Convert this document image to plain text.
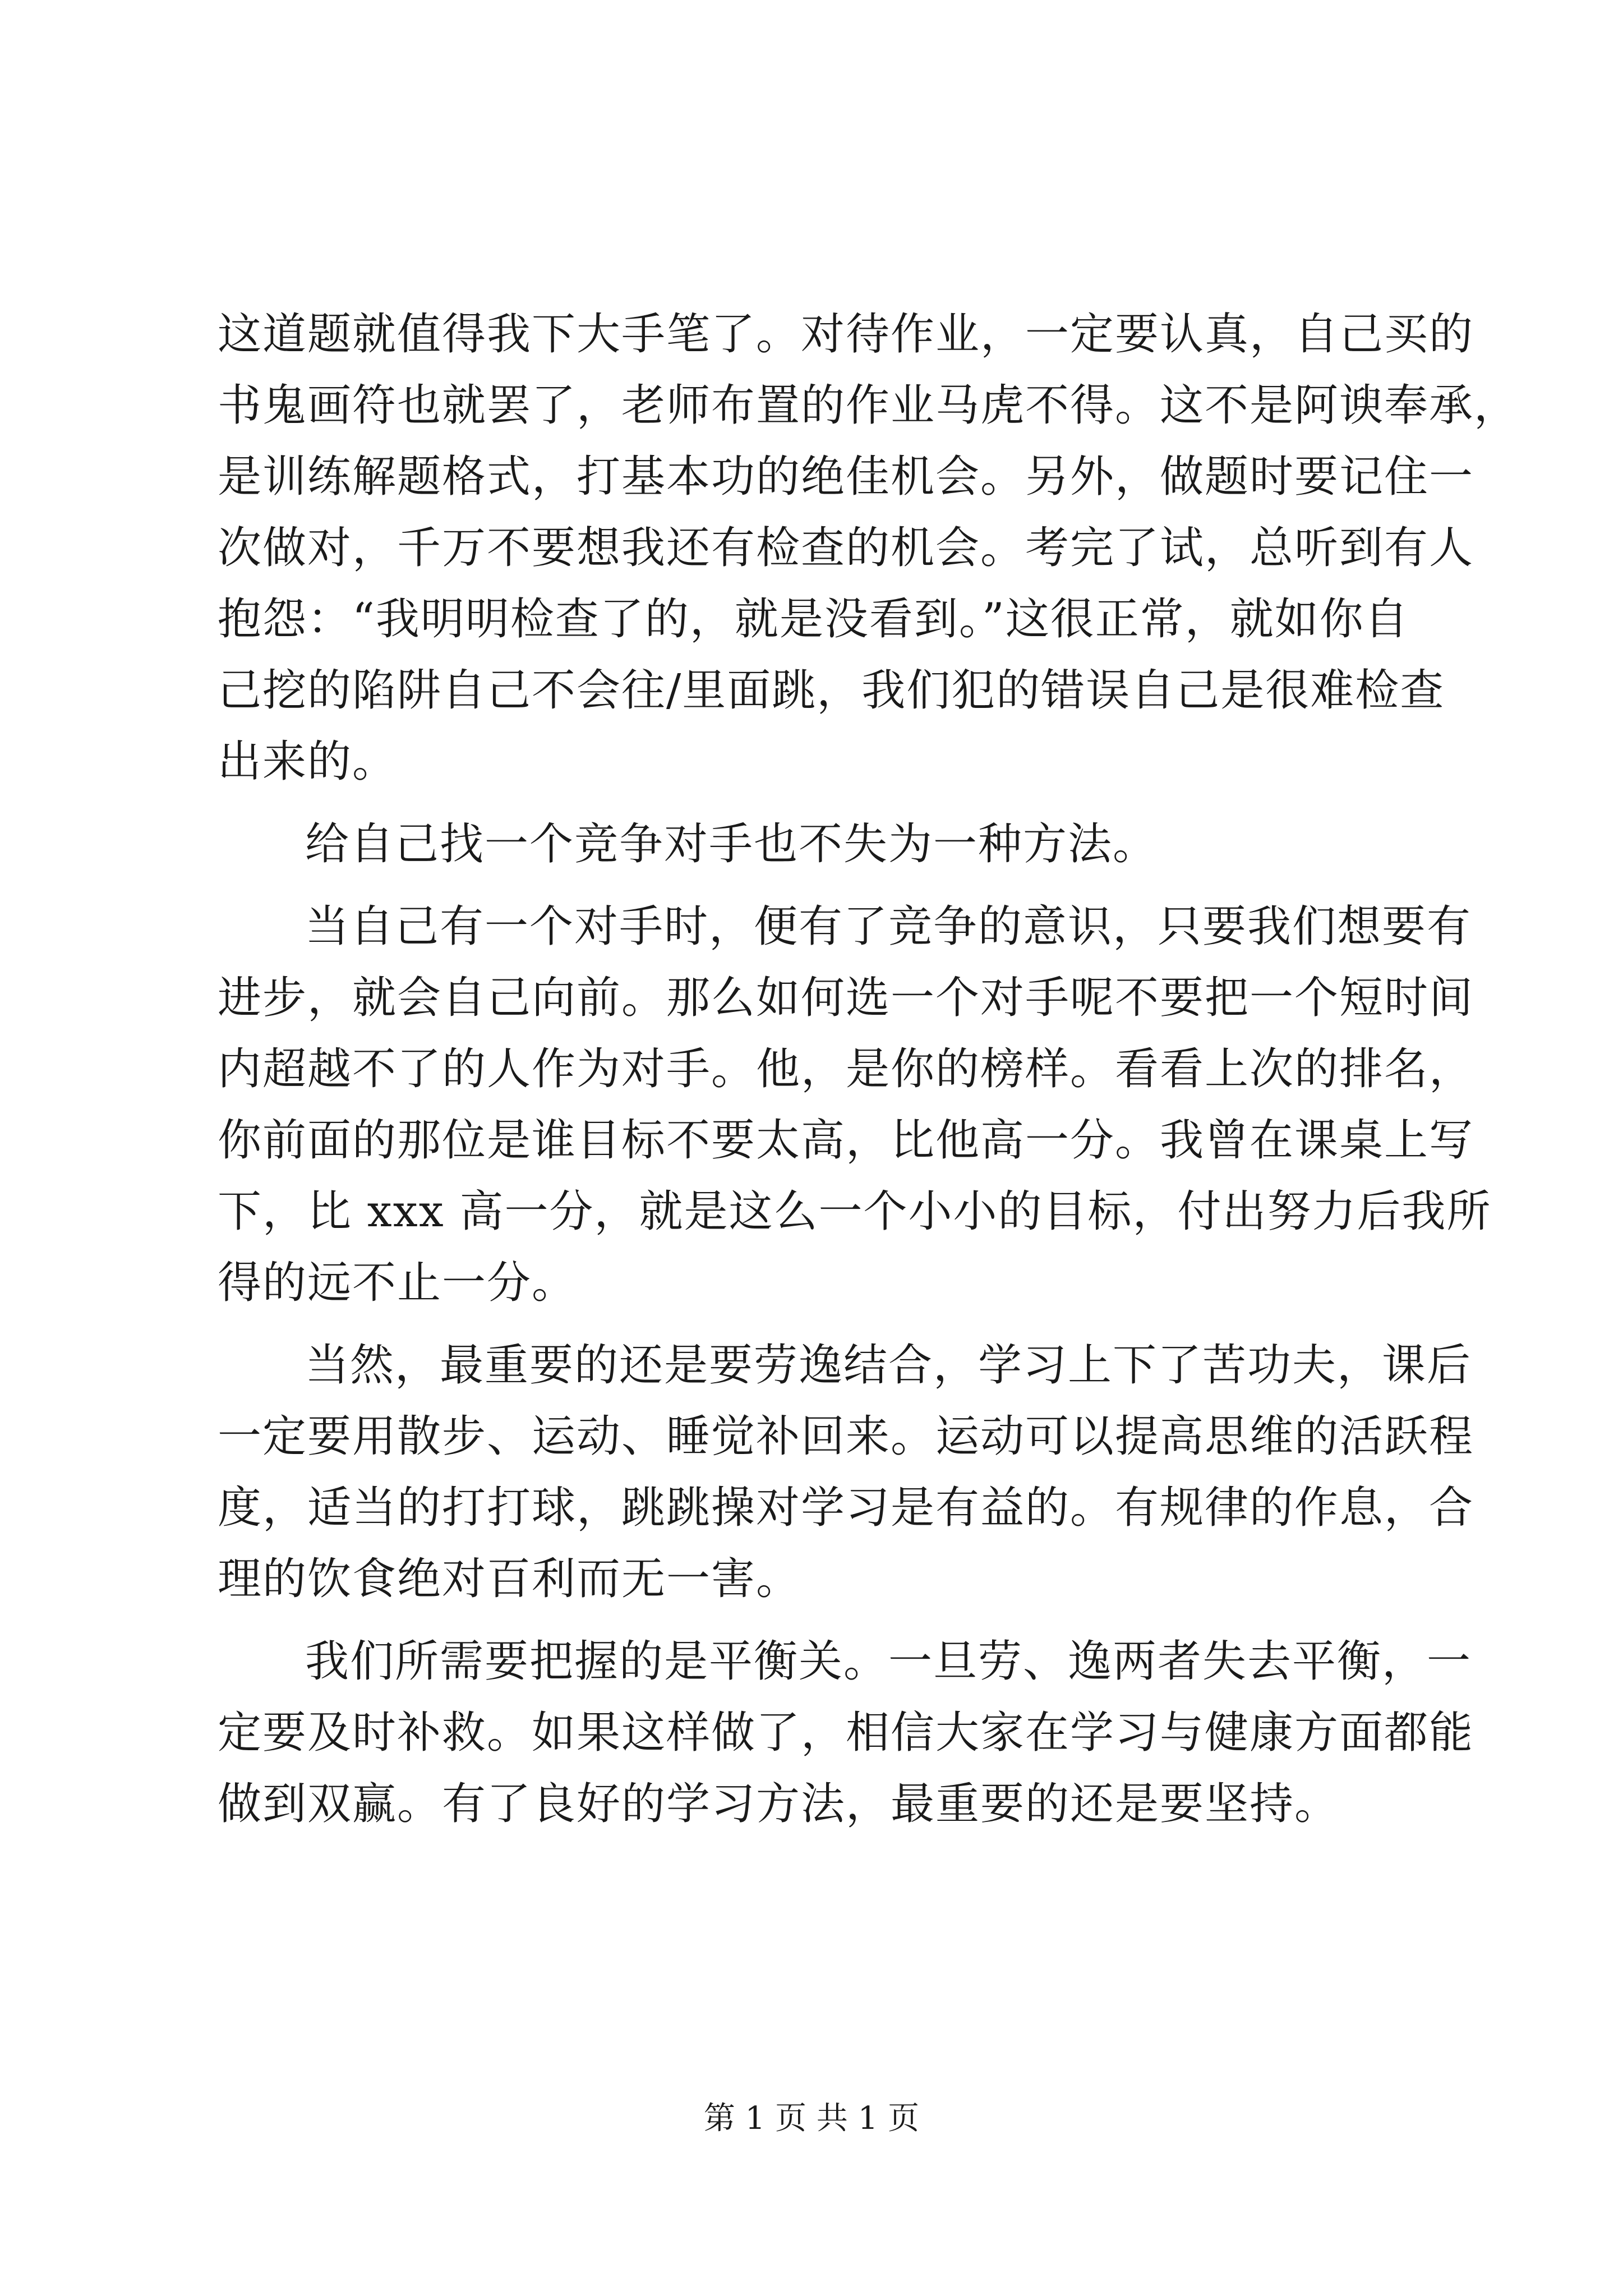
这道题就值得我下大手笔了。对待作业，一定要认真，自己买的
书鬼画符也就罢了，老师布置的作业马虎不得。这不是阿谀奉承，
是训练解题格式，打基本功的绝佳机会。另外，做题时要记住一
次做对，千万不要想我还有检查的机会。考完了试，总听到有人
抱怨：“我明明检查了的，就是没看到。”这很正常，就如你自
己挖的陷阱自己不会往/里面跳，我们犯的错误自己是很难检查
出来的。
给自己找一个竞争对手也不失为一种方法。
当自己有一个对手时，便有了竞争的意识，只要我们想要有
进步，就会自己向前。那么如何选一个对手呢不要把一个短时间
内超越不了的人作为对手。他，是你的榜样。看看上次的排名，
你前面的那位是谁目标不要太高，比他高一分。我曾在课桌上写
下，比 xxx 高一分，就是这么一个小小的目标，付出努力后我所
得的远不止一分。
当然，最重要的还是要劳逸结合，学习上下了苦功夫，课后
一定要用散步、运动、睡觉补回来。运动可以提高思维的活跃程
度，适当的打打球，跳跳操对学习是有益的。有规律的作息，合
理的饮食绝对百利而无一害。
我们所需要把握的是平衡关。一旦劳、逸两者失去平衡，一
定要及时补救。如果这样做了，相信大家在学习与健康方面都能
做到双赢。有了良好的学习方法，最重要的还是要坚持。
第 1 页 共 1 页
